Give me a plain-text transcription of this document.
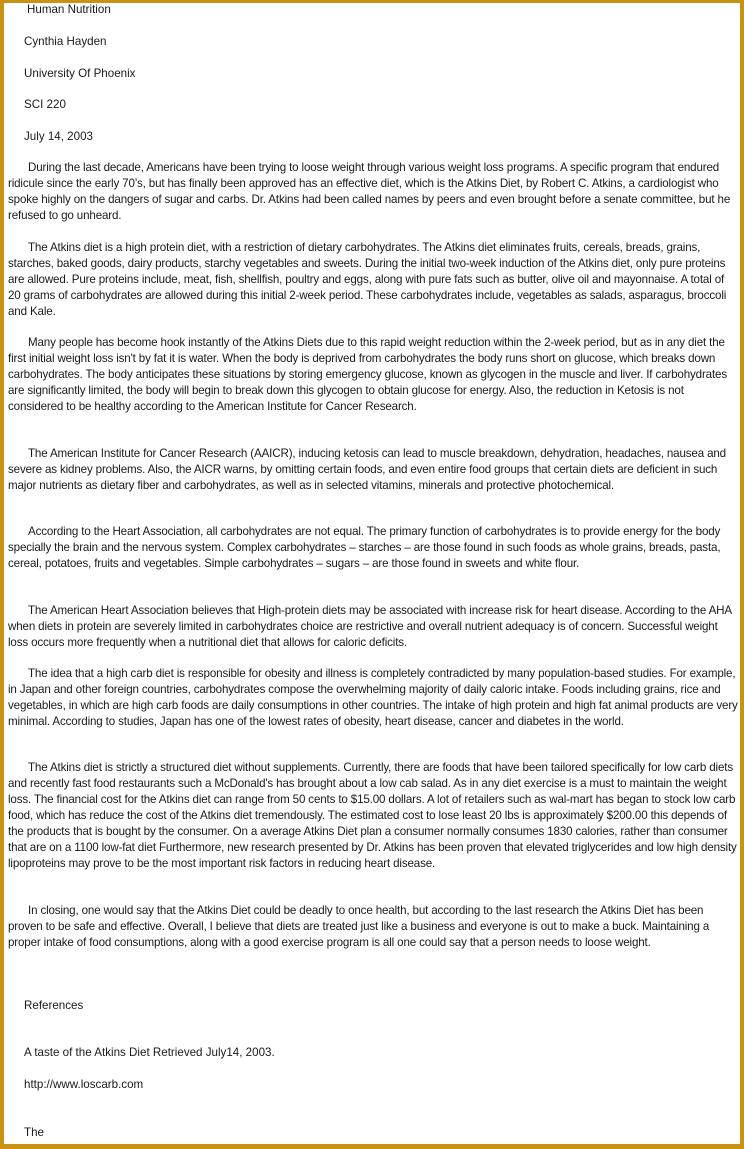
Human Nutrition
Cynthia Hayden
University Of Phoenix
SCI 220
July 14, 2003

During the last decade, Americans have been trying to loose weight through various weight loss programs. A specific program that endured ridicule since the early 70’s, but has finally been approved has an effective diet, which is the Atkins Diet, by Robert C. Atkins, a cardiologist who spoke highly on the dangers of sugar and carbs. Dr. Atkins had been called names by peers and even brought before a senate committee, but he refused to go unheard.

The Atkins diet is a high protein diet, with a restriction of dietary carbohydrates. The Atkins diet eliminates fruits, cereals, breads, grains, starches, baked goods, dairy products, starchy vegetables and sweets. During the initial two-week induction of the Atkins diet, only pure proteins are allowed. Pure proteins include, meat, fish, shellfish, poultry and eggs, along with pure fats such as butter, olive oil and mayonnaise. A total of 20 grams of carbohydrates are allowed during this initial 2-week period. These carbohydrates include, vegetables as salads, asparagus, broccoli and Kale.

Many people has become hook instantly of the Atkins Diets due to this rapid weight reduction within the 2-week period, but as in any diet the first initial weight loss isn't by fat it is water. When the body is deprived from carbohydrates the body runs short on glucose, which breaks down carbohydrates. The body anticipates these situations by storing emergency glucose, known as glycogen in the muscle and liver. If carbohydrates are significantly limited, the body will begin to break down this glycogen to obtain glucose for energy. Also, the reduction in Ketosis is not considered to be healthy according to the American Institute for Cancer Research.

The American Institute for Cancer Research (AAICR), inducing ketosis can lead to muscle breakdown, dehydration, headaches, nausea and severe as kidney problems. Also, the AICR warns, by omitting certain foods, and even entire food groups that certain diets are deficient in such major nutrients as dietary fiber and carbohydrates, as well as in selected vitamins, minerals and protective photochemical.

According to the Heart Association, all carbohydrates are not equal. The primary function of carbohydrates is to provide energy for the body specially the brain and the nervous system. Complex carbohydrates – starches – are those found in such foods as whole grains, breads, pasta, cereal, potatoes, fruits and vegetables. Simple carbohydrates – sugars – are those found in sweets and white flour.

The American Heart Association believes that High-protein diets may be associated with increase risk for heart disease. According to the AHA when diets in protein are severely limited in carbohydrates choice are restrictive and overall nutrient adequacy is of concern. Successful weight loss occurs more frequently when a nutritional diet that allows for caloric deficits.

The idea that a high carb diet is responsible for obesity and illness is completely contradicted by many population-based studies. For example, in Japan and other foreign countries, carbohydrates compose the overwhelming majority of daily caloric intake. Foods including grains, rice and vegetables, in which are high carb foods are daily consumptions in other countries. The intake of high protein and high fat animal products are very minimal. According to studies, Japan has one of the lowest rates of obesity, heart disease, cancer and diabetes in the world.

The Atkins diet is strictly a structured diet without supplements. Currently, there are foods that have been tailored specifically for low carb diets and recently fast food restaurants such a McDonald's has brought about a low cab salad. As in any diet exercise is a must to maintain the weight loss. The financial cost for the Atkins diet can range from 50 cents to $15.00 dollars. A lot of retailers such as wal-mart has began to stock low carb food, which has reduce the cost of the Atkins diet tremendously. The estimated cost to lose least 20 lbs is approximately $200.00 this depends of the products that is bought by the consumer. On a average Atkins Diet plan a consumer normally consumes 1830 calories, rather than consumer that are on a 1100 low-fat diet Furthermore, new research presented by Dr. Atkins has been proven that elevated triglycerides and low high density lipoproteins may prove to be the most important risk factors in reducing heart disease.

In closing, one would say that the Atkins Diet could be deadly to once health, but according to the last research the Atkins Diet has been proven to be safe and effective. Overall, I believe that diets are treated just like a business and everyone is out to make a buck. Maintaining a proper intake of food consumptions, along with a good exercise program is all one could say that a person needs to loose weight.

References
A taste of the Atkins Diet Retrieved July14, 2003.
http://www.loscarb.com
The
